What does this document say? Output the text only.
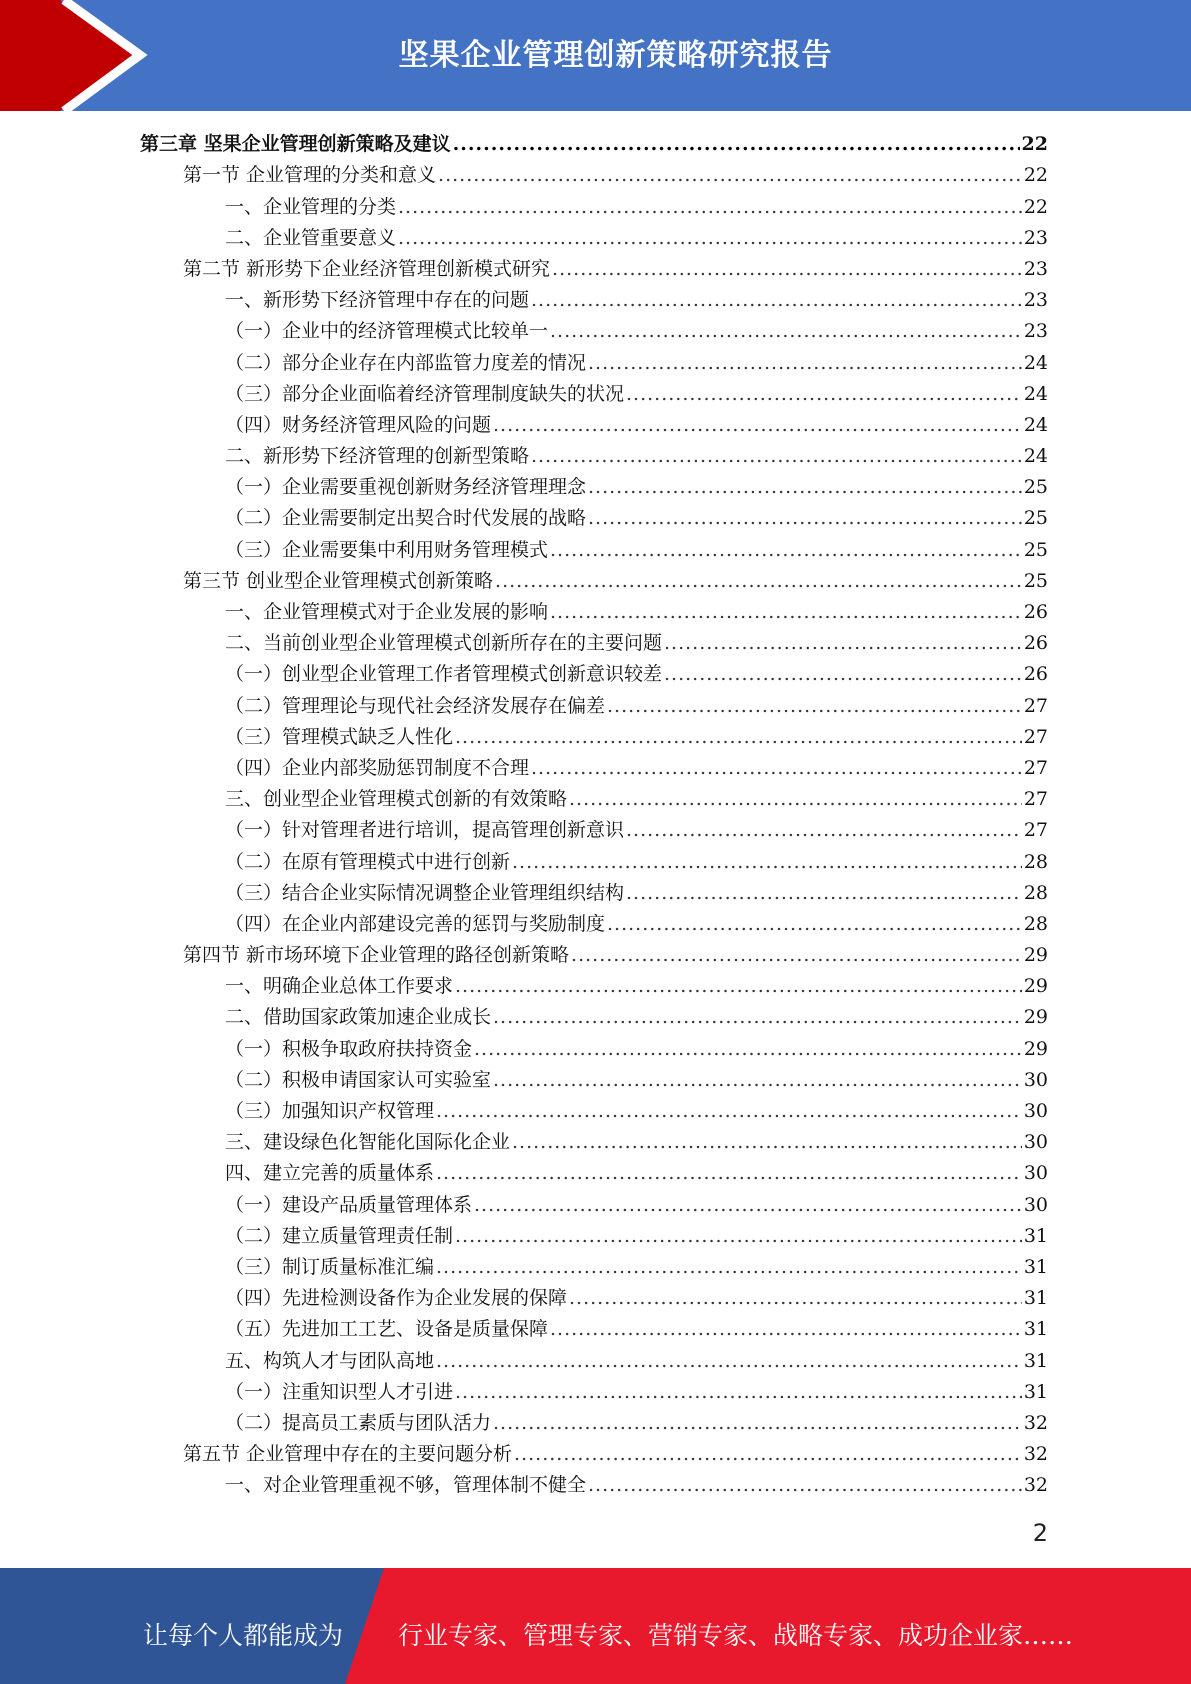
坚果企业管理创新策略研究报告
第三章 坚果企业管理创新策略及建议 .....	22
第一节 企业管理的分类和意义 .....	22
一、企业管理的分类 .....	22
二、企业管重要意义 .....	23
第二节 新形势下企业经济管理创新模式研究 .....	23
一、新形势下经济管理中存在的问题 .....	23
（一）企业中的经济管理模式比较单一 .....	23
（二）部分企业存在内部监管力度差的情况 .....	24
（三）部分企业面临着经济管理制度缺失的状况 .....	24
（四）财务经济管理风险的问题 .....	24
二、新形势下经济管理的创新型策略 .....	24
（一）企业需要重视创新财务经济管理理念 .....	25
（二）企业需要制定出契合时代发展的战略 .....	25
（三）企业需要集中利用财务管理模式 .....	25
第三节 创业型企业管理模式创新策略 .....	25
一、企业管理模式对于企业发展的影响 .....	26
二、当前创业型企业管理模式创新所存在的主要问题 .....	26
（一）创业型企业管理工作者管理模式创新意识较差 .....	26
（二）管理理论与现代社会经济发展存在偏差 .....	27
（三）管理模式缺乏人性化 .....	27
（四）企业内部奖励惩罚制度不合理 .....	27
三、创业型企业管理模式创新的有效策略 .....	27
（一）针对管理者进行培训，提高管理创新意识 .....	27
（二）在原有管理模式中进行创新 .....	28
（三）结合企业实际情况调整企业管理组织结构 .....	28
（四）在企业内部建设完善的惩罚与奖励制度 .....	28
第四节 新市场环境下企业管理的路径创新策略 .....	29
一、明确企业总体工作要求 .....	29
二、借助国家政策加速企业成长 .....	29
（一）积极争取政府扶持资金 .....	29
（二）积极申请国家认可实验室 .....	30
（三）加强知识产权管理 .....	30
三、建设绿色化智能化国际化企业 .....	30
四、建立完善的质量体系 .....	30
（一）建设产品质量管理体系 .....	30
（二）建立质量管理责任制 .....	31
（三）制订质量标准汇编 .....	31
（四）先进检测设备作为企业发展的保障 .....	31
（五）先进加工工艺、设备是质量保障 .....	31
五、构筑人才与团队高地 .....	31
（一）注重知识型人才引进 .....	31
（二）提高员工素质与团队活力 .....	32
第五节 企业管理中存在的主要问题分析 .....	32
一、对企业管理重视不够，管理体制不健全 .....	32
2
让每个人都能成为 行业专家、管理专家、营销专家、战略专家、成功企业家……
